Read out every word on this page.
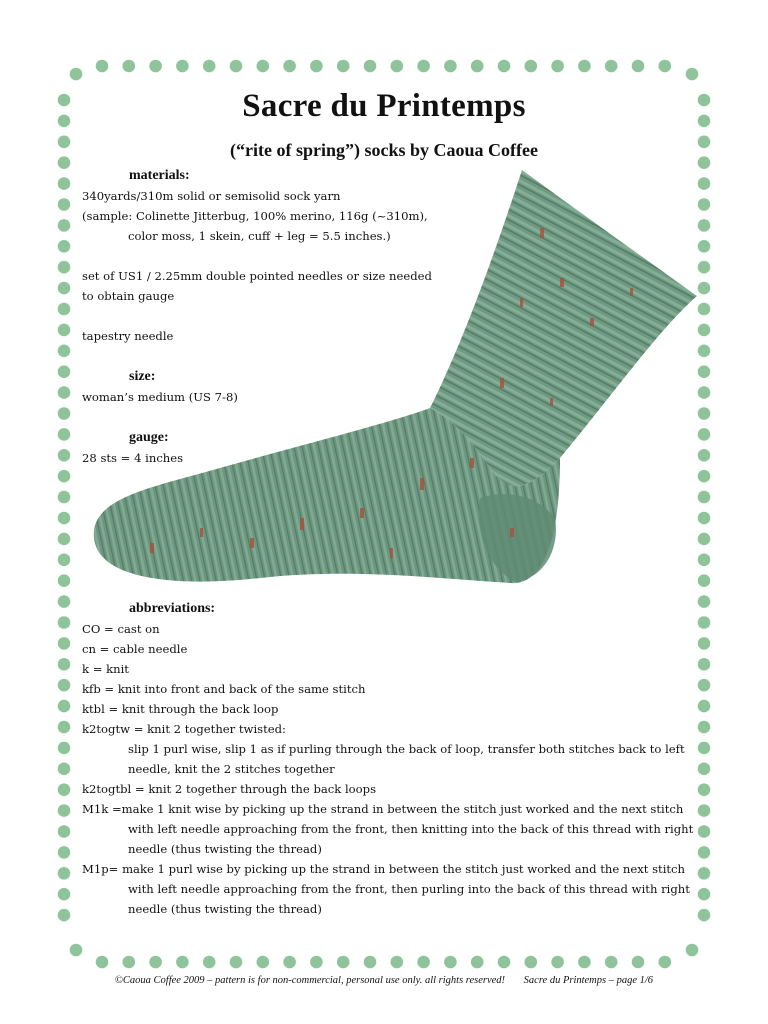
Sacre du Printemps
(“rite of spring”) socks by Caoua Coffee
materials:
340yards/310m solid or semisolid sock yarn
(sample: Colinette Jitterbug, 100% merino, 116g (~310m),
color moss, 1 skein, cuff + leg = 5.5 inches.)
set of US1 / 2.25mm double pointed needles or size needed
to obtain gauge
tapestry needle
size:
woman’s medium (US 7-8)
gauge:
28 sts = 4 inches
abbreviations:
CO = cast on
cn = cable needle
k = knit
kfb = knit into front and back of the same stitch
ktbl = knit through the back loop
k2togtw = knit 2 together twisted:
slip 1 purl wise, slip 1 as if purling through the back of loop, transfer both stitches back to left
needle, knit the 2 stitches together
k2togtbl = knit 2 together through the back loops
M1k =make 1 knit wise by picking up the strand in between the stitch just worked and the next stitch
with left needle approaching from the front, then knitting into the back of this thread with right
needle (thus twisting the thread)
M1p= make 1 purl wise by picking up the strand in between the stitch just worked and the next stitch
with left needle approaching from the front, then purling into the back of this thread with right
needle (thus twisting the thread)
©Caoua Coffee 2009 – pattern is for non-commercial, personal use only. all rights reserved! Sacre du Printemps – page 1/6
